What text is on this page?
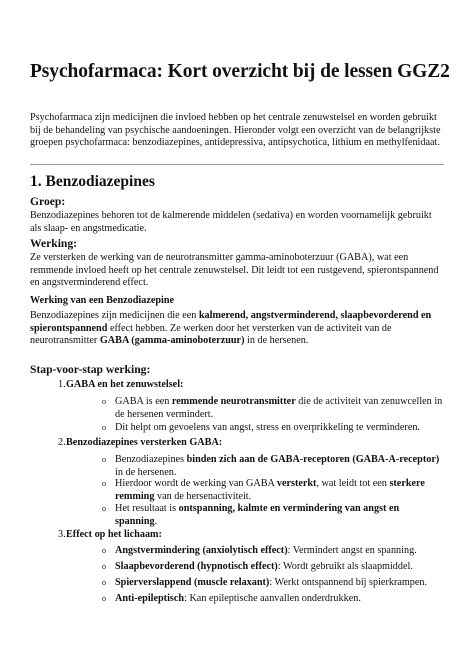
Psychofarmaca: Kort overzicht bij de lessen GGZ2
Psychofarmaca zijn medicijnen die invloed hebben op het centrale zenuwstelsel en worden gebruikt bij de behandeling van psychische aandoeningen. Hieronder volgt een overzicht van de belangrijkste groepen psychofarmaca: benzodiazepines, antidepressiva, antipsychotica, lithium en methylfenidaat.
1. Benzodiazepines
Groep:
Benzodiazepines behoren tot de kalmerende middelen (sedativa) en worden voornamelijk gebruikt als slaap- en angstmedicatie.
Werking:
Ze versterken de werking van de neurotransmitter gamma-aminoboterzuur (GABA), wat een remmende invloed heeft op het centrale zenuwstelsel. Dit leidt tot een rustgevend, spierontspannend en angstverminderend effect.
Werking van een Benzodiazepine
Benzodiazepines zijn medicijnen die een kalmerend, angstverminderend, slaapbevorderend en spierontspannend effect hebben. Ze werken door het versterken van de activiteit van de neurotransmitter GABA (gamma-aminoboterzuur) in de hersenen.
Stap-voor-stap werking:
1. GABA en het zenuwstelsel:
o GABA is een remmende neurotransmitter die de activiteit van zenuwcellen in de hersenen vermindert.
o Dit helpt om gevoelens van angst, stress en overprikkeling te verminderen.
2. Benzodiazepines versterken GABA:
o Benzodiazepines binden zich aan de GABA-receptoren (GABA-A-receptor) in de hersenen.
o Hierdoor wordt de werking van GABA versterkt, wat leidt tot een sterkere remming van de hersenactiviteit.
o Het resultaat is ontspanning, kalmte en vermindering van angst en spanning.
3. Effect op het lichaam:
o Angstvermindering (anxiolytisch effect): Vermindert angst en spanning.
o Slaapbevorderend (hypnotisch effect): Wordt gebruikt als slaapmiddel.
o Spierverslappend (muscle relaxant): Werkt ontspannend bij spierkrampen.
o Anti-epileptisch: Kan epileptische aanvallen onderdrukken.
